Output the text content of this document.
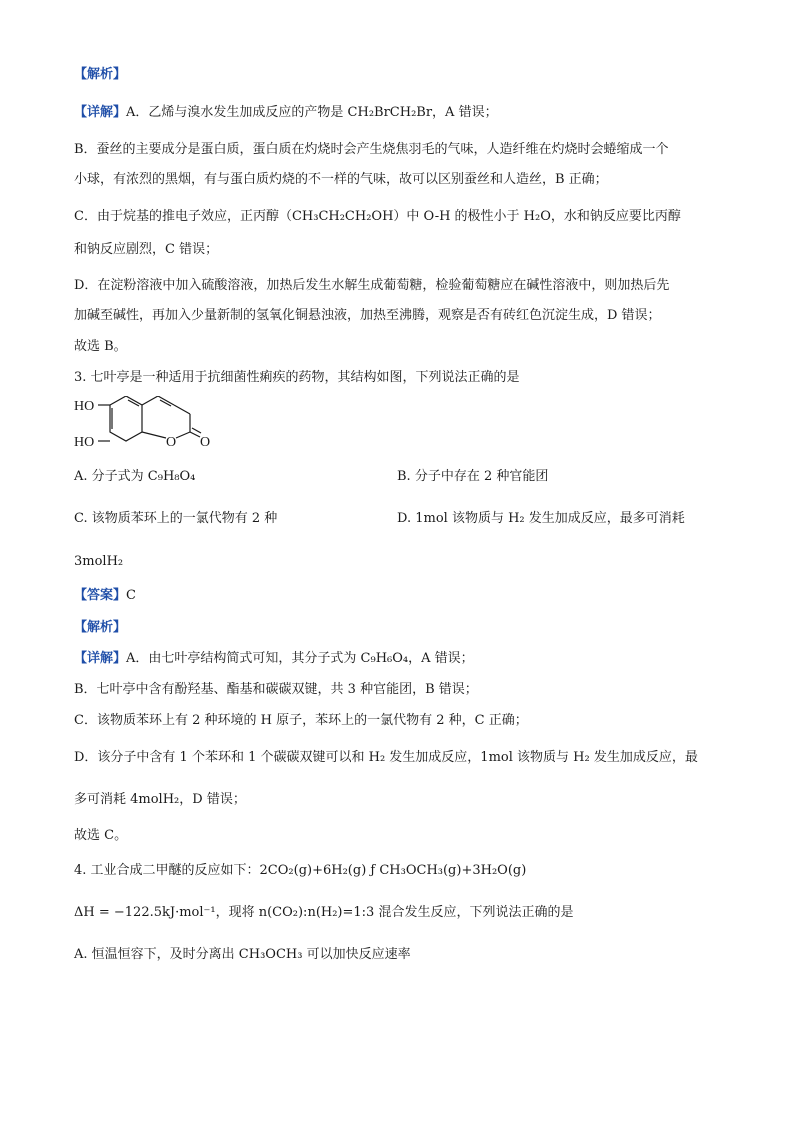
【解析】
【详解】A．乙烯与溴水发生加成反应的产物是 CH₂BrCH₂Br，A 错误；
B．蚕丝的主要成分是蛋白质，蛋白质在灼烧时会产生烧焦羽毛的气味，人造纤维在灼烧时会蜷缩成一个
小球，有浓烈的黑烟，有与蛋白质灼烧的不一样的气味，故可以区别蚕丝和人造丝，B 正确；
C．由于烷基的推电子效应，正丙醇（CH₃CH₂CH₂OH）中 O-H 的极性小于 H₂O，水和钠反应要比丙醇
和钠反应剧烈，C 错误；
D．在淀粉溶液中加入硫酸溶液，加热后发生水解生成葡萄糖，检验葡萄糖应在碱性溶液中，则加热后先
加碱至碱性，再加入少量新制的氢氧化铜悬浊液，加热至沸腾，观察是否有砖红色沉淀生成，D 错误；
故选 B。
3. 七叶亭是一种适用于抗细菌性痢疾的药物，其结构如图，下列说法正确的是
HO
HO	O O
A. 分子式为 C₉H₈O₄	B. 分子中存在 2 种官能团
C. 该物质苯环上的一氯代物有 2 种	D. 1mol 该物质与 H₂ 发生加成反应，最多可消耗
3molH₂
【答案】C
【解析】
【详解】A．由七叶亭结构简式可知，其分子式为 C₉H₆O₄，A 错误；
B．七叶亭中含有酚羟基、酯基和碳碳双键，共 3 种官能团，B 错误；
C．该物质苯环上有 2 种环境的 H 原子，苯环上的一氯代物有 2 种，C 正确；
D．该分子中含有 1 个苯环和 1 个碳碳双键可以和 H₂ 发生加成反应，1mol 该物质与 H₂ 发生加成反应，最
多可消耗 4molH₂，D 错误；
故选 C。
4. 工业合成二甲醚的反应如下：2CO₂(g)+6H₂(g) ƒ CH₃OCH₃(g)+3H₂O(g)
ΔH = −122.5kJ·mol⁻¹，现将 n(CO₂):n(H₂)=1:3 混合发生反应，下列说法正确的是
A. 恒温恒容下，及时分离出 CH₃OCH₃ 可以加快反应速率
